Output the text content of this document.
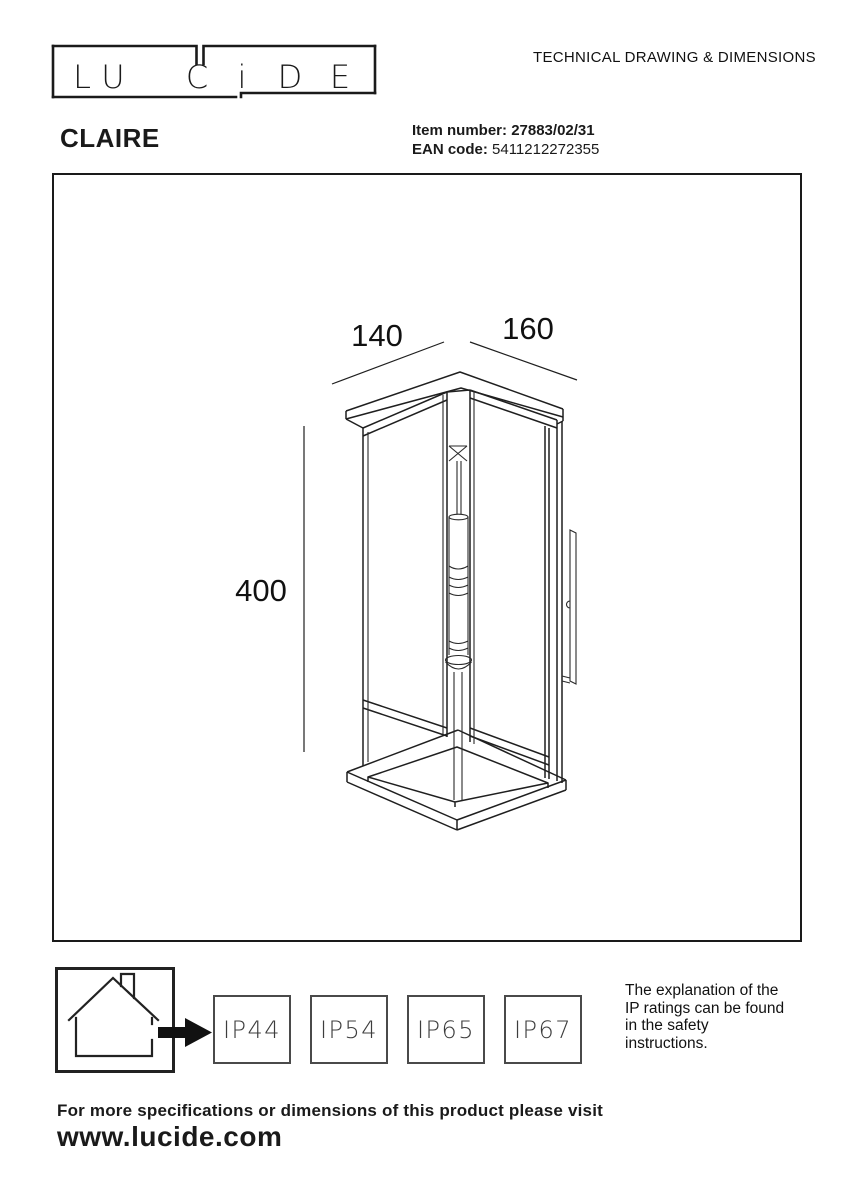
L U C i D E
TECHNICAL DRAWING & DIMENSIONS
CLAIRE	Item number: 27883/02/31
EAN code: 5411212272355
140	160
400
IP44	IP54	IP65	IP67
The explanation of the
IP ratings can be found
in the safety
instructions.
For more specifications or dimensions of this product please visit
www.lucide.com
